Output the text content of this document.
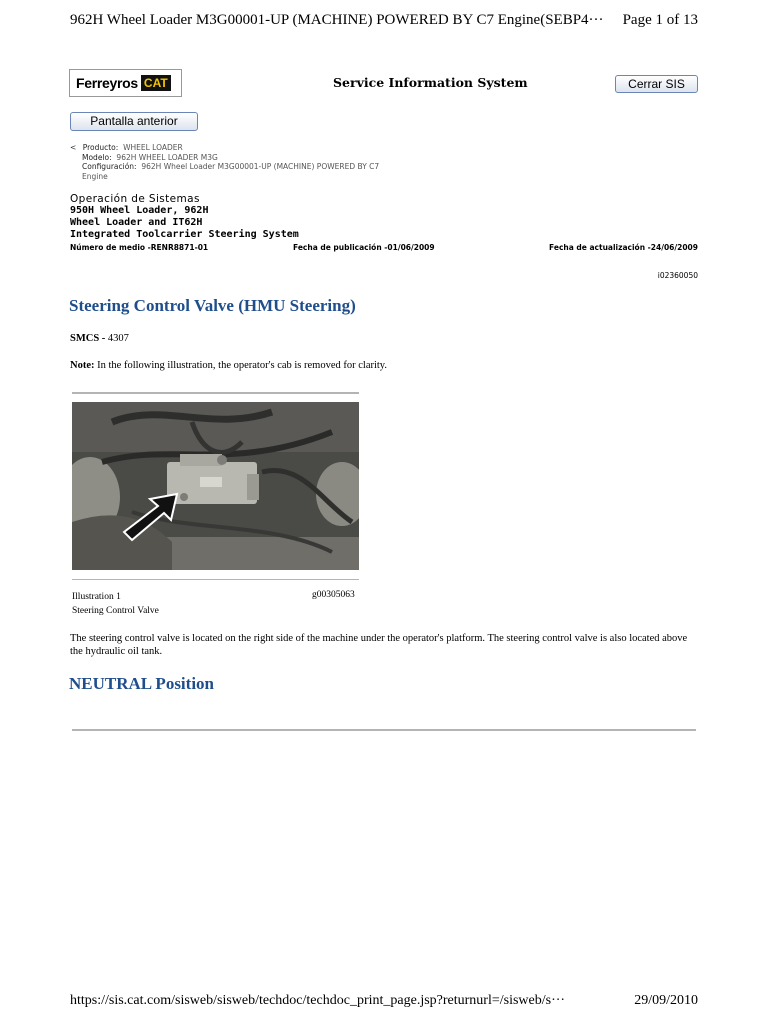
962H Wheel Loader M3G00001-UP (MACHINE) POWERED BY C7 Engine(SEBP4··· Page 1 of 13
Ferreyros CAT	Service Information System	Cerrar SIS
Pantalla anterior
< Producto: WHEEL LOADER
Modelo: 962H WHEEL LOADER M3G
Configuración: 962H Wheel Loader M3G00001-UP (MACHINE) POWERED BY C7
Engine
Operación de Sistemas
950H Wheel Loader, 962H
Wheel Loader and IT62H
Integrated Toolcarrier Steering System
Número de medio -RENR8871-01	Fecha de publicación -01/06/2009	Fecha de actualización -24/06/2009
i02360050
Steering Control Valve (HMU Steering)
SMCS - 4307
Note: In the following illustration, the operator's cab is removed for clarity.
Illustration 1
Steering Control Valve
g00305063
The steering control valve is located on the right side of the machine under the operator's platform. The steering control valve is also located above the hydraulic oil tank.
NEUTRAL Position
https://sis.cat.com/sisweb/sisweb/techdoc/techdoc_print_page.jsp?returnurl=/sisweb/s···	29/09/2010
